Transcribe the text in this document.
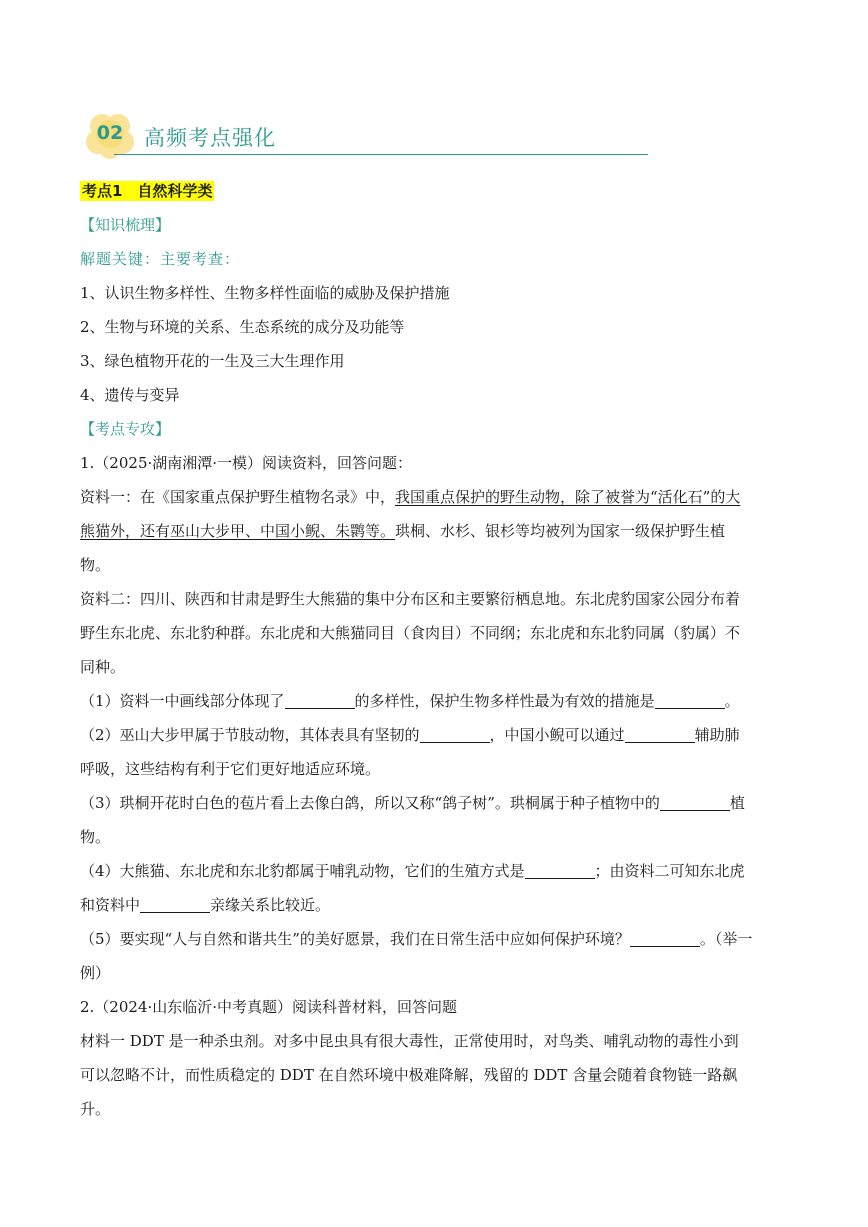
02 高频考点强化
考点1　自然科学类
【知识梳理】
解题关键：主要考查：
1、认识生物多样性、生物多样性面临的威胁及保护措施
2、生物与环境的关系、生态系统的成分及功能等
3、绿色植物开花的一生及三大生理作用
4、遗传与变异
【考点专攻】
1.（2025·湖南湘潭·一模）阅读资料，回答问题：
资料一：在《国家重点保护野生植物名录》中，我国重点保护的野生动物，除了被誉为“活化石”的大
熊猫外，还有巫山大步甲、中国小鲵、朱鹮等。珙桐、水杉、银杉等均被列为国家一级保护野生植
物。
资料二：四川、陕西和甘肃是野生大熊猫的集中分布区和主要繁衍栖息地。东北虎豹国家公园分布着
野生东北虎、东北豹种群。东北虎和大熊猫同目（食肉目）不同纲；东北虎和东北豹同属（豹属）不
同种。
（1）资料一中画线部分体现了	的多样性，保护生物多样性最为有效的措施是	。
（2）巫山大步甲属于节肢动物，其体表具有坚韧的	，中国小鲵可以通过	辅助肺
呼吸，这些结构有利于它们更好地适应环境。
（3）珙桐开花时白色的苞片看上去像白鸽，所以又称“鸽子树”。珙桐属于种子植物中的	植
物。
（4）大熊猫、东北虎和东北豹都属于哺乳动物，它们的生殖方式是	；由资料二可知东北虎
和资料中	亲缘关系比较近。
（5）要实现“人与自然和谐共生”的美好愿景，我们在日常生活中应如何保护环境？	。（举一
例）
2.（2024·山东临沂·中考真题）阅读科普材料，回答问题
材料一 DDT 是一种杀虫剂。对多中昆虫具有很大毒性，正常使用时，对鸟类、哺乳动物的毒性小到
可以忽略不计，而性质稳定的 DDT 在自然环境中极难降解，残留的 DDT 含量会随着食物链一路飙
升。
